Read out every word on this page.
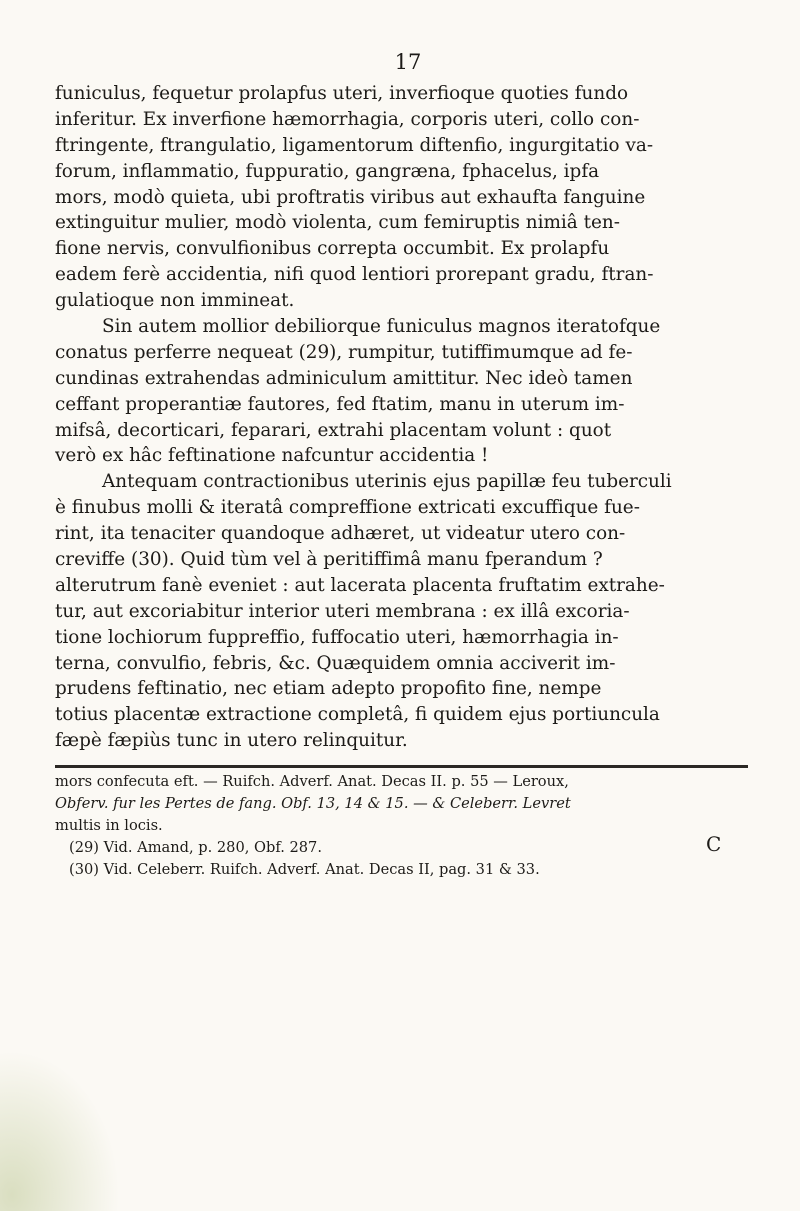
17
funiculus, fequetur prolapfus uteri, inverfioque quoties fundo
inferitur. Ex inverfione hæmorrhagia, corporis uteri, collo con-
ftringente, ftrangulatio, ligamentorum diftenfio, ingurgitatio va-
forum, inflammatio, fuppuratio, gangræna, fphacelus, ipfa
mors, modò quieta, ubi proftratis viribus aut exhaufta fanguine
extinguitur mulier, modò violenta, cum femiruptis nimiâ ten-
fione nervis, convulfionibus correpta occumbit. Ex prolapfu
eadem ferè accidentia, nifi quod lentiori prorepant gradu, ftran-
gulatioque non immineat.
Sin autem mollior debiliorque funiculus magnos iteratofque
conatus perferre nequeat (29), rumpitur, tutiffimumque ad fe-
cundinas extrahendas adminiculum amittitur. Nec ideò tamen
ceffant properantiæ fautores, fed ftatim, manu in uterum im-
mifsâ, decorticari, feparari, extrahi placentam volunt : quot
verò ex hâc feftinatione nafcuntur accidentia !
Antequam contractionibus uterinis ejus papillæ feu tuberculi
è finubus molli & iteratâ compreffione extricati excuffique fue-
rint, ita tenaciter quandoque adhæret, ut videatur utero con-
creviffe (30). Quid tùm vel à peritiffimâ manu fperandum ?
alterutrum fanè eveniet : aut lacerata placenta fruftatim extrahe-
tur, aut excoriabitur interior uteri membrana : ex illâ excoria-
tione lochiorum fuppreffio, fuffocatio uteri, hæmorrhagia in-
terna, convulfio, febris, &c. Quæquidem omnia acciverit im-
prudens feftinatio, nec etiam adepto propofito fine, nempe
totius placentæ extractione completâ, fi quidem ejus portiuncula
fæpè fæpiùs tunc in utero relinquitur.
mors confecuta eft. — Ruifch. Adverf. Anat. Decas II. p. 55 — Leroux,
Obferv. fur les Pertes de fang. Obf. 13, 14 & 15. — & Celeberr. Levret
multis in locis.
(29) Vid. Amand, p. 280, Obf. 287.
(30) Vid. Celeberr. Ruifch. Adverf. Anat. Decas II, pag. 31 & 33.
C
